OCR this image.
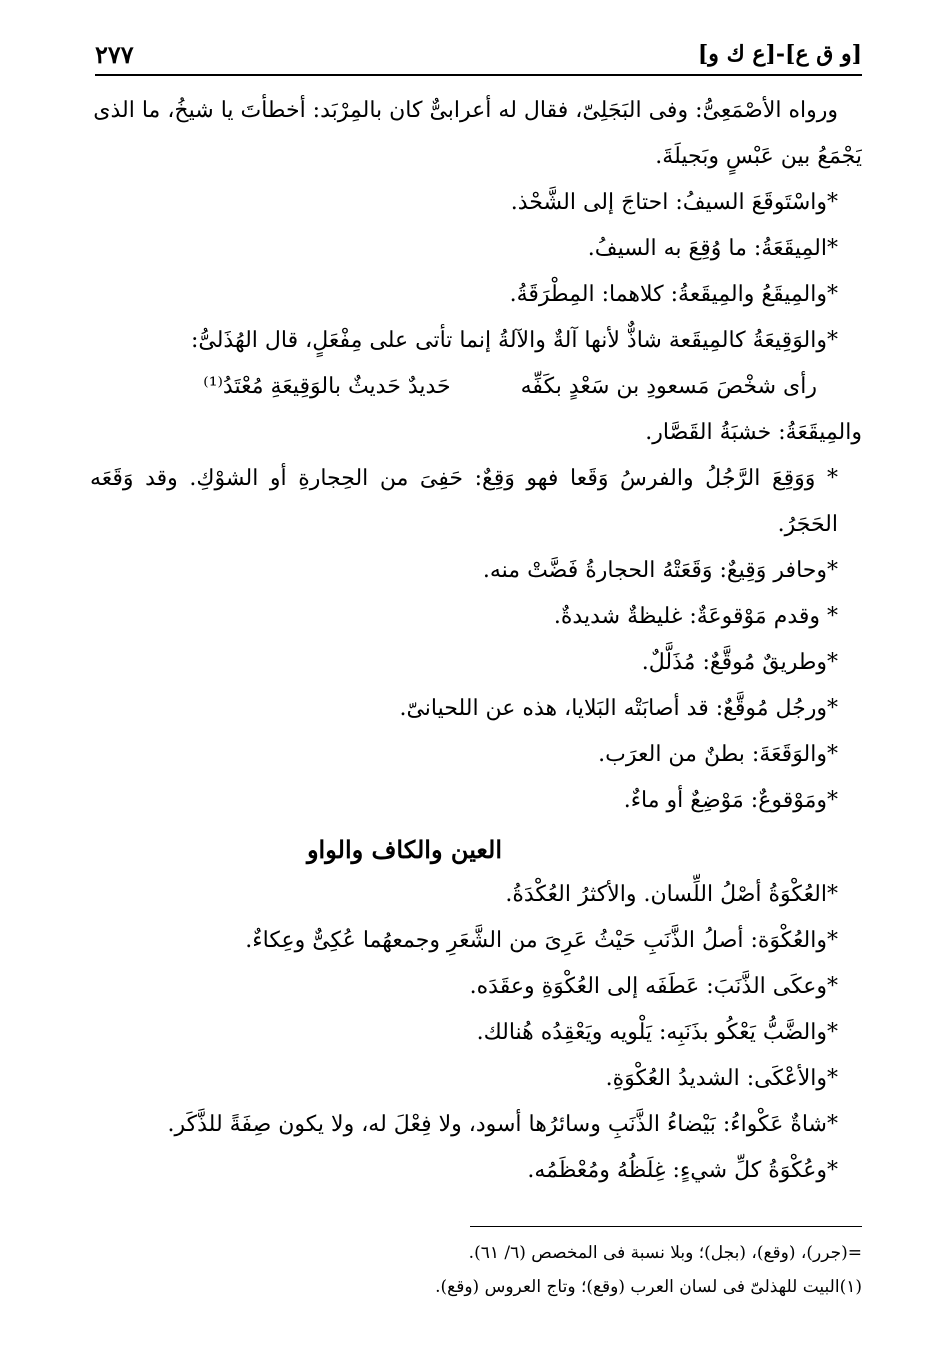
٢٧٧	[و ق ع]-[ع ك و]
ورواه الأصْمَعِىُّ: وفى البَجَلِىّ، فقال له أعرابىٌّ كان بالمِرْبَد: أخطأتَ يا شيخُ، ما الذى
يَجْمَعُ بين عَبْسٍ وبَجيلَةَ.
*واسْتَوقَعَ السيفُ: احتاجَ إلى الشَّحْذ.
*المِيقَعَةُ: ما وُقِعَ به السيفُ.
*والمِيقَعُ والمِيقَعةُ: كلاهما: المِطْرَقَةُ.
*والوَقِيعَةُ كالمِيقَعة شاذٌّ لأنها آلةٌ والآلةُ إنما تأتى على مِفْعَلٍ، قال الهُذَلىُّ:
رأى شخْصَ مَسعودِ بن سَعْدٍ بكَفِّه
حَديدٌ حَديثٌ بالوَقِيعَةِ مُعْتَدُ⁽¹⁾
والمِيقَعَةُ: خشبَةُ القَصَّار.
* وَوَقِعَ الرَّجُلُ والفرسُ وَقَعا فهو وَقِعٌ: حَفِىَ من الحِجارةِ أو الشوْكِ. وقد وَقَعَه الحَجَرُ.
*وحافر وَقِيعٌ: وَقَعَتْهُ الحجارةُ فَضَّتْ منه.
* وقدم مَوْقوعَةٌ: غليظةٌ شديدةٌ.
*وطريقٌ مُوقَّعٌ: مُذَلَّلٌ.
*ورجُل مُوقَّعٌ: قد أصابَتْه البَلايا، هذه عن اللحيانىّ.
*والوَقَعَةَ: بطنٌ من العرَب.
*ومَوْقوعٌ: مَوْضِعٌ أو ماءٌ.
العين والكاف والواو
*العُكْوَةُ أصْلُ اللِّسان. والأكثرُ العُكْدَةُ.
*والعُكْوَة: أصلُ الذَّنَبِ حَيْثُ عَرِىَ من الشَّعَرِ وجمعهُما عُكِىٌّ وعِكاءٌ.
*وعكَى الذَّنَبَ: عَطَفَه إلى العُكْوَةِ وعقَدَه.
*والضَّبُّ يَعْكُو بذَنَبِه: يَلْويه ويَعْقِدُه هُنالك.
*والأعْكَى: الشديدُ العُكْوَةِ.
*شاةٌ عَكْواءُ: بَيْضاءُ الذَّنَبِ وسائرُها أسود، ولا فِعْلَ له، ولا يكون صِفَةً للذَّكَر.
*وعُكْوَةُ كلِّ شيءٍ: غِلَظُهُ ومُعْظَمُه.
=(جرر)، (وقع)، (بجل)؛ وبلا نسبة فى المخصص (٦/ ٦١).
(١)البيت للهذلىّ فى لسان العرب (وقع)؛ وتاج العروس (وقع).
